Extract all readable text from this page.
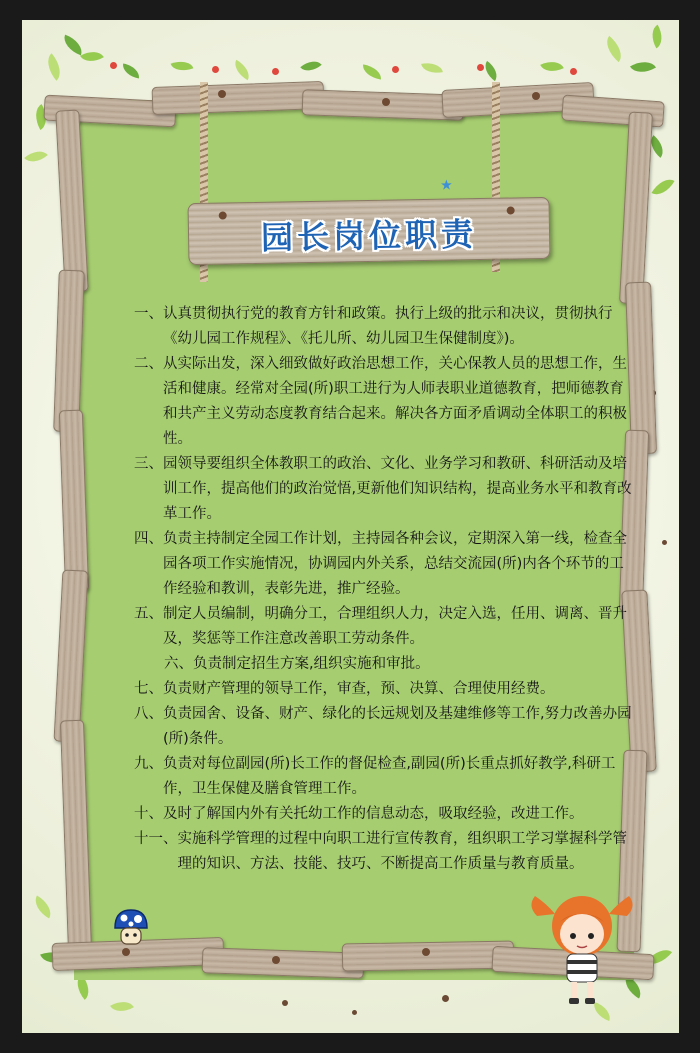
★
园长岗位职责
一、 认真贯彻执行党的教育方针和政策。执行上级的批示和决议，贯彻执行《幼儿园工作规程》、《托儿所、幼儿园卫生保健制度》)。
二、 从实际出发，深入细致做好政治思想工作，关心保教人员的思想工作，生活和健康。经常对全园(所)职工进行为人师表职业道德教育，把师德教育和共产主义劳动态度教育结合起来。解决各方面矛盾调动全体职工的积极性。
三、 园领导要组织全体教职工的政治、文化、业务学习和教研、科研活动及培训工作，提高他们的政治觉悟,更新他们知识结构，提高业务水平和教育改革工作。
四、 负责主持制定全园工作计划，主持园各种会议，定期深入第一线，检查全园各项工作实施情况，协调园内外关系，总结交流园(所)内各个环节的工作经验和教训，表彰先进，推广经验。
五、 制定人员编制，明确分工，合理组织人力，决定入选，任用、调离、晋升及，奖惩等工作注意改善职工劳动条件。
六、 负责制定招生方案,组织实施和审批。
七、 负责财产管理的领导工作，审查，预、决算、合理使用经费。
八、 负责园舍、设备、财产、绿化的长远规划及基建维修等工作,努力改善办园(所)条件。
九、 负责对每位副园(所)长工作的督促检查,副园(所)长重点抓好教学,科研工作，卫生保健及膳食管理工作。
十、 及时了解国内外有关托幼工作的信息动态，吸取经验，改进工作。
十一、 实施科学管理的过程中向职工进行宣传教育，组织职工学习掌握科学管理的知识、方法、技能、技巧、不断提高工作质量与教育质量。
